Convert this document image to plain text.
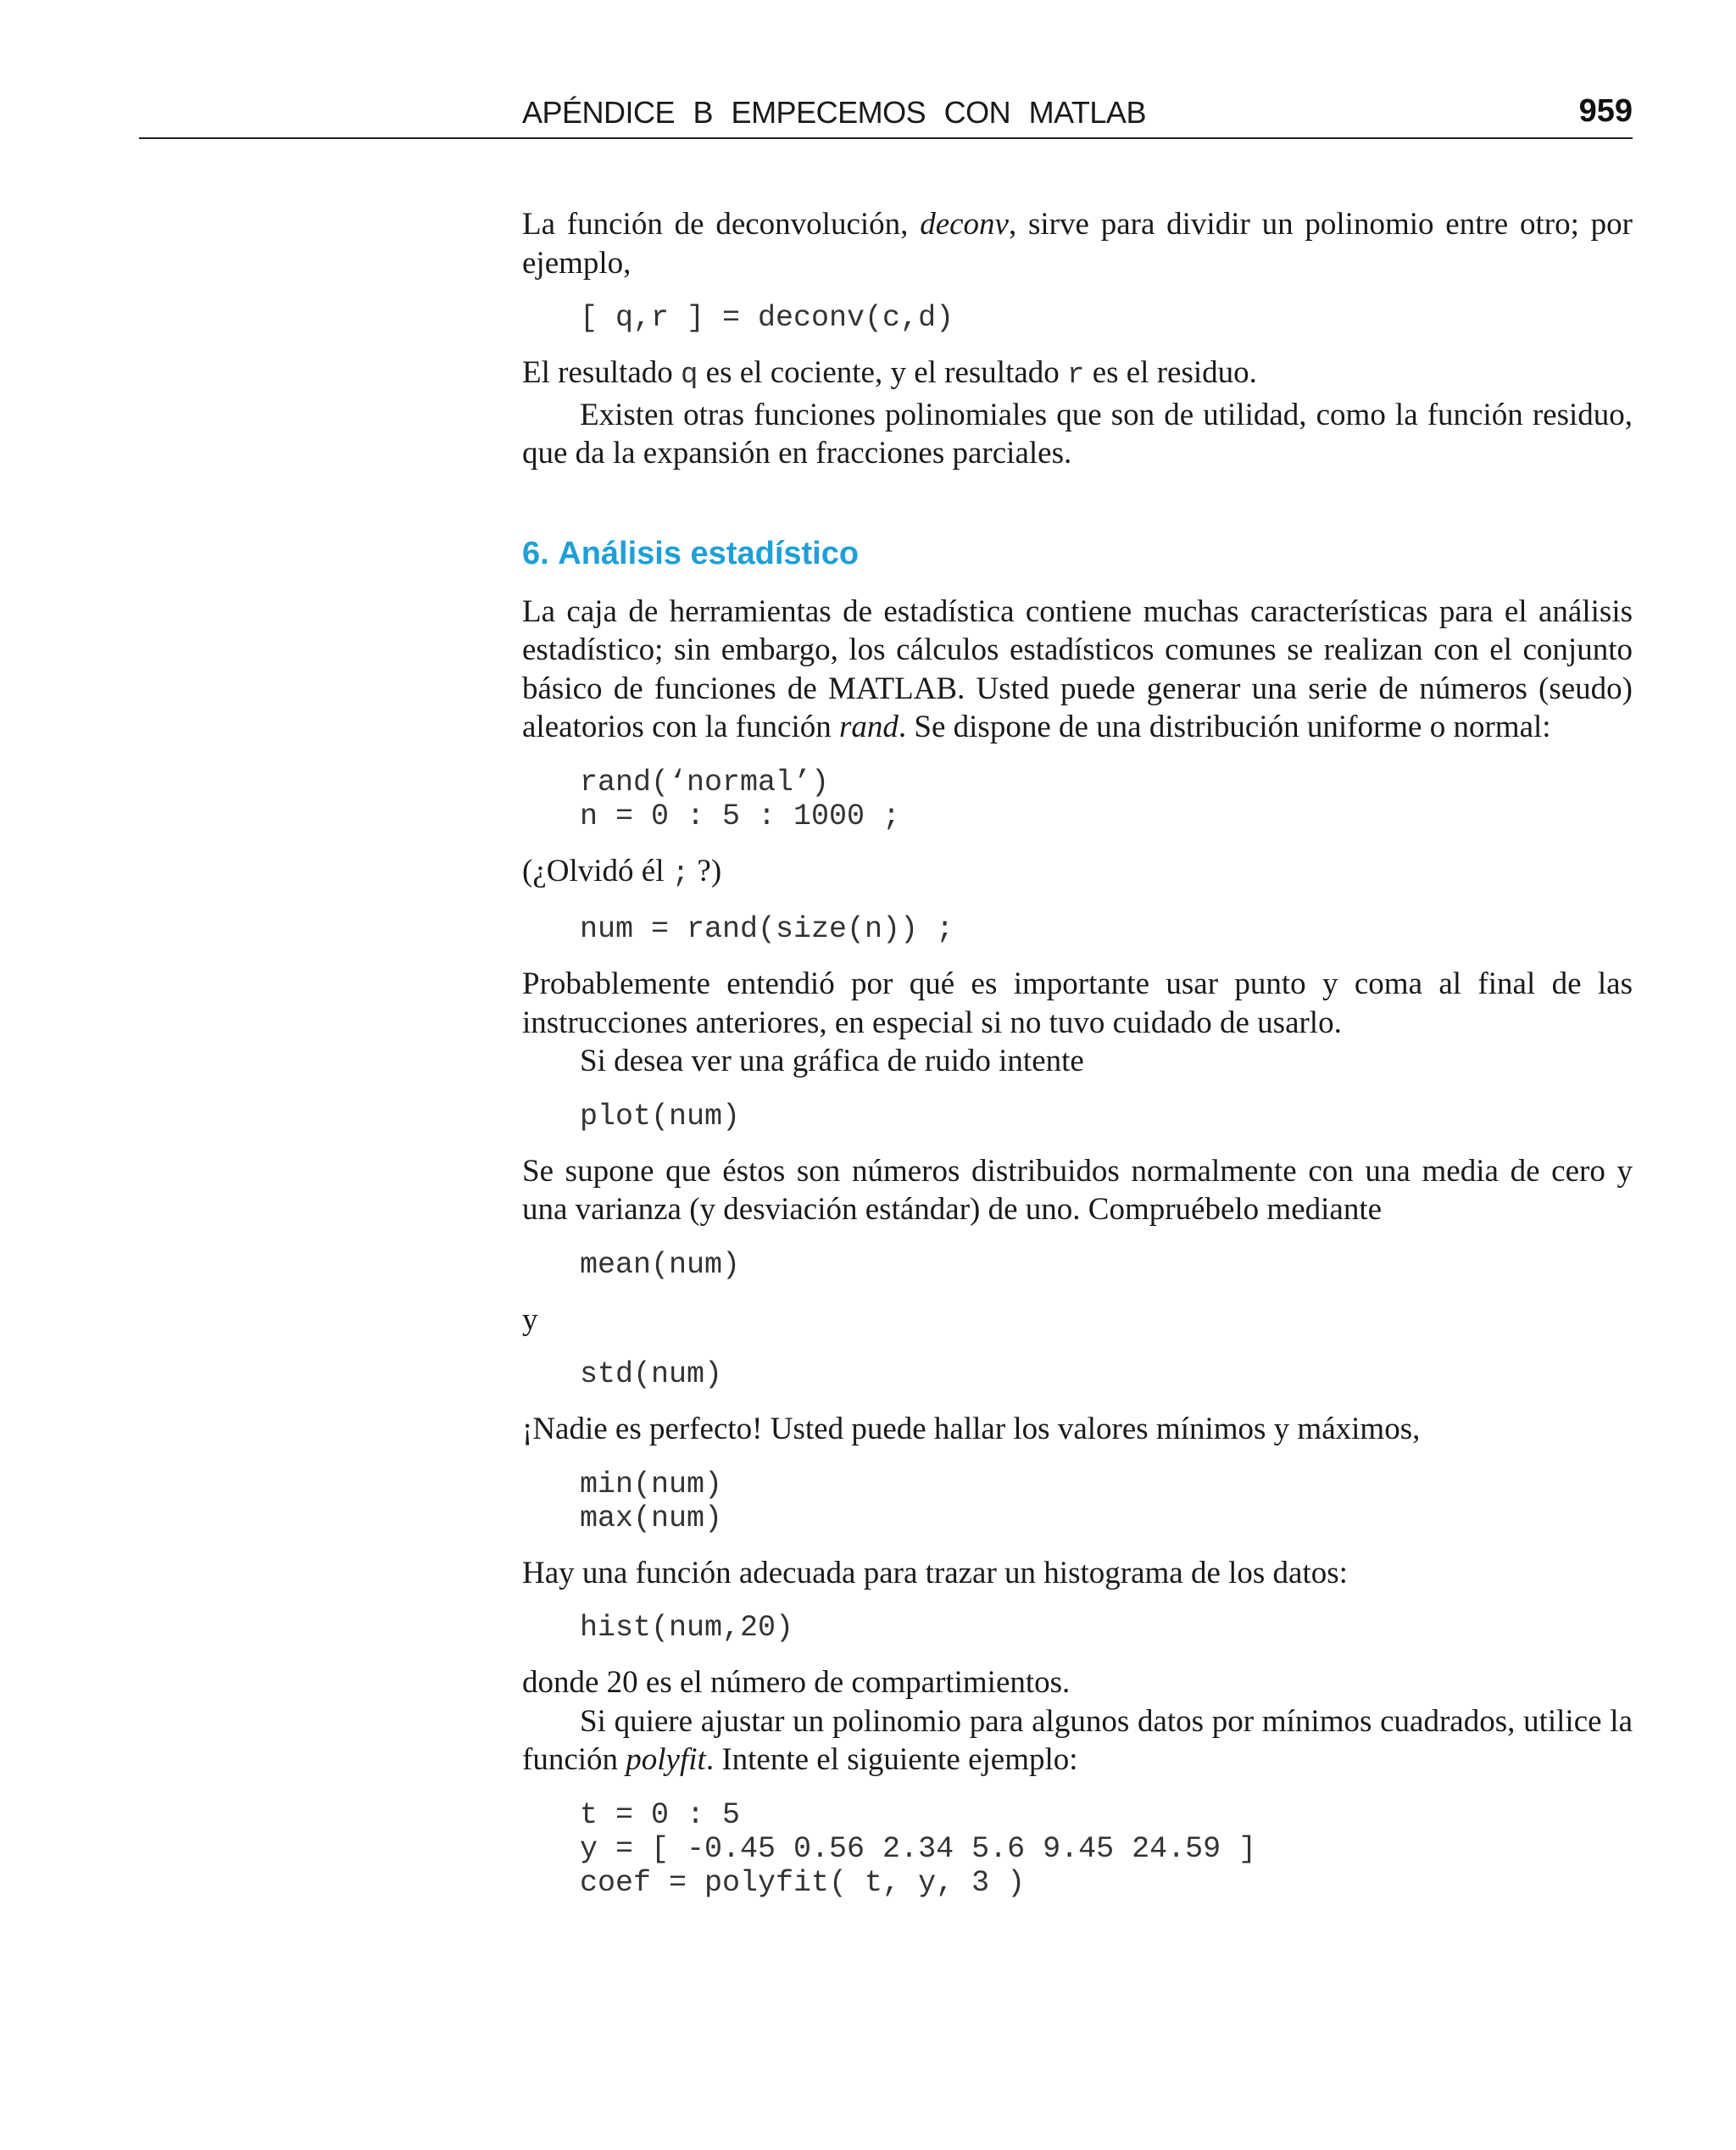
APÉNDICE B EMPECEMOS CON MATLAB	959

La función de deconvolución, deconv, sirve para dividir un polinomio entre otro; por ejemplo,

[ q,r ] = deconv(c,d)

El resultado q es el cociente, y el resultado r es el residuo.

Existen otras funciones polinomiales que son de utilidad, como la función residuo, que da la expansión en fracciones parciales.

6. Análisis estadístico

La caja de herramientas de estadística contiene muchas características para el análisis estadístico; sin embargo, los cálculos estadísticos comunes se realizan con el conjunto básico de funciones de MATLAB. Usted puede generar una serie de números (seudo) aleatorios con la función rand. Se dispone de una distribución uniforme o normal:

rand(‘normal’)
n = 0 : 5 : 1000 ;

(¿Olvidó él ; ?)

num = rand(size(n)) ;

Probablemente entendió por qué es importante usar punto y coma al final de las instrucciones anteriores, en especial si no tuvo cuidado de usarlo.

Si desea ver una gráfica de ruido intente

plot(num)

Se supone que éstos son números distribuidos normalmente con una media de cero y una varianza (y desviación estándar) de uno. Compruébelo mediante

mean(num)

y

std(num)

¡Nadie es perfecto! Usted puede hallar los valores mínimos y máximos,

min(num)
max(num)

Hay una función adecuada para trazar un histograma de los datos:

hist(num,20)

donde 20 es el número de compartimientos.

Si quiere ajustar un polinomio para algunos datos por mínimos cuadrados, utilice la función polyfit. Intente el siguiente ejemplo:

t = 0 : 5
y = [ -0.45 0.56 2.34 5.6 9.45 24.59 ]
coef = polyfit( t, y, 3 )
